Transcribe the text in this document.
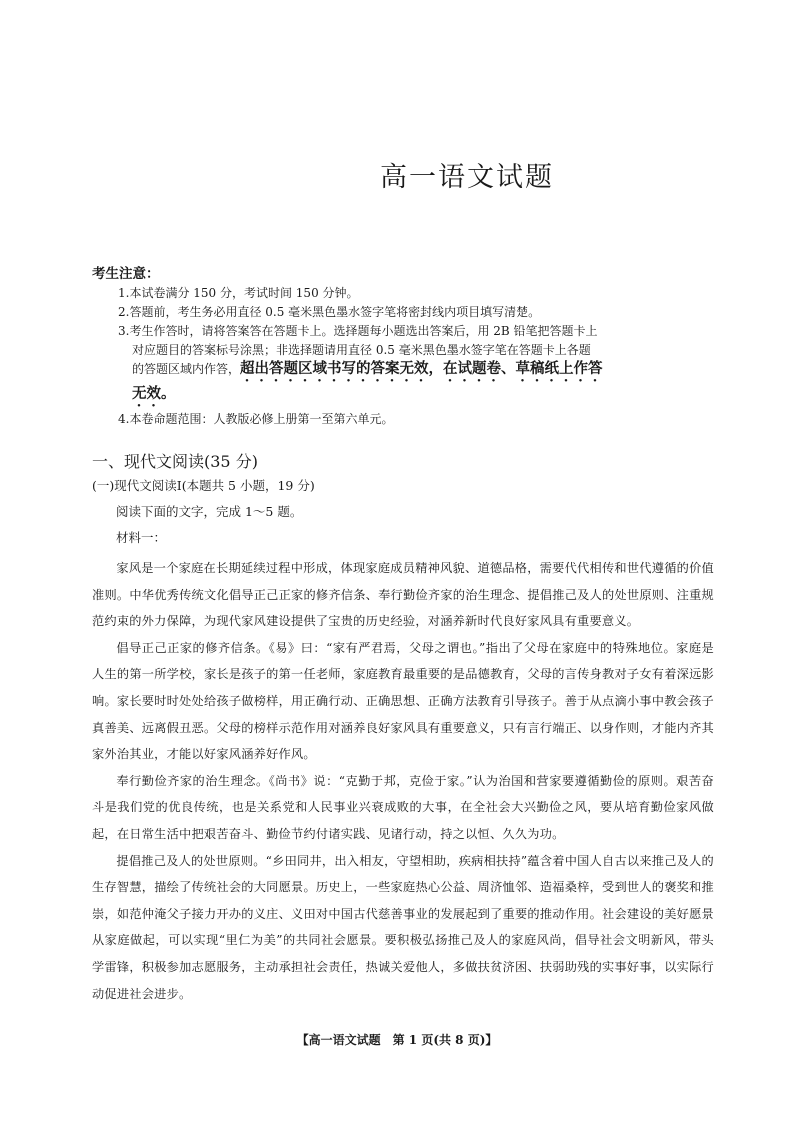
高一语文试题
考生注意：
1.本试卷满分 150 分，考试时间 150 分钟。
2.答题前，考生务必用直径 0.5 毫米黑色墨水签字笔将密封线内项目填写清楚。
3.考生作答时，请将答案答在答题卡上。选择题每小题选出答案后，用 2B 铅笔把答题卡上
对应题目的答案标号涂黑；非选择题请用直径 0.5 毫米黑色墨水签字笔在答题卡上各题
的答题区域内作答，超出答题区域书写的答案无效，在试题卷、草稿纸上作答
无效。
4.本卷命题范围：人教版必修上册第一至第六单元。
一、现代文阅读(35 分)
(一)现代文阅读Ⅰ(本题共 5 小题，19 分)
阅读下面的文字，完成 1～5 题。
材料一：

家风是一个家庭在长期延续过程中形成，体现家庭成员精神风貌、道德品格，需要代代相传和世代遵循的价值准则。中华优秀传统文化倡导正己正家的修齐信条、奉行勤俭齐家的治生理念、提倡推己及人的处世原则、注重规范约束的外力保障，为现代家风建设提供了宝贵的历史经验，对涵养新时代良好家风具有重要意义。

倡导正己正家的修齐信条。《易》曰：“家有严君焉，父母之谓也。”指出了父母在家庭中的特殊地位。家庭是人生的第一所学校，家长是孩子的第一任老师，家庭教育最重要的是品德教育，父母的言传身教对子女有着深远影响。家长要时时处处给孩子做榜样，用正确行动、正确思想、正确方法教育引导孩子。善于从点滴小事中教会孩子真善美、远离假丑恶。父母的榜样示范作用对涵养良好家风具有重要意义，只有言行端正、以身作则，才能内齐其家外治其业，才能以好家风涵养好作风。

奉行勤俭齐家的治生理念。《尚书》说：“克勤于邦，克俭于家。”认为治国和营家要遵循勤俭的原则。艰苦奋斗是我们党的优良传统，也是关系党和人民事业兴衰成败的大事，在全社会大兴勤俭之风，要从培育勤俭家风做起，在日常生活中把艰苦奋斗、勤俭节约付诸实践、见诸行动，持之以恒、久久为功。

提倡推己及人的处世原则。“乡田同井，出入相友，守望相助，疾病相扶持”蕴含着中国人自古以来推己及人的生存智慧，描绘了传统社会的大同愿景。历史上，一些家庭热心公益、周济恤邻、造福桑梓，受到世人的褒奖和推崇，如范仲淹父子接力开办的义庄、义田对中国古代慈善事业的发展起到了重要的推动作用。社会建设的美好愿景从家庭做起，可以实现“里仁为美”的共同社会愿景。要积极弘扬推己及人的家庭风尚，倡导社会文明新风，带头学雷锋，积极参加志愿服务，主动承担社会责任，热诚关爱他人，多做扶贫济困、扶弱助残的实事好事，以实际行动促进社会进步。

【高一语文试题　第 1 页(共 8 页)】
